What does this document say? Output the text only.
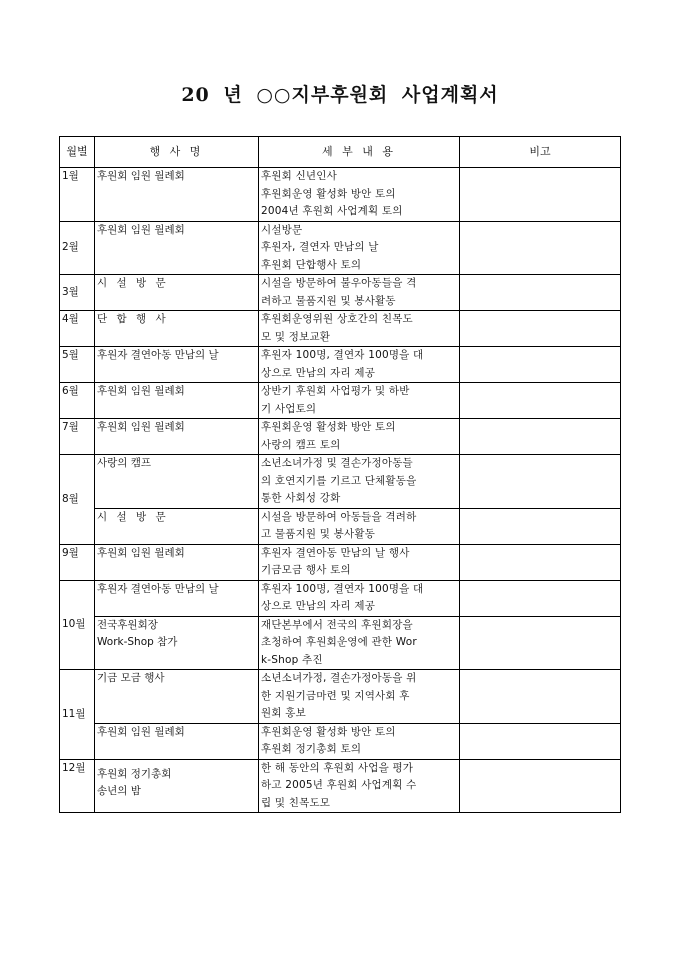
20 년 ○○지부후원회 사업계획서
월별	행 사 명	세 부 내 용	비고
1월	후원회 임원 월례회	후원회 신년인사
후원회운영 활성화 방안 토의
2004년 후원회 사업계획 토의	

2월	후원회 임원 월례회	시설방문
후원자, 결연자 만남의 날
후원회 단합행사 토의	

3월	시 설 방 문	시설을 방문하여 불우아동들을 격
려하고 물품지원 및 봉사활동	

4월	단 합 행 사	후원회운영위원 상호간의 친목도
모 및 정보교환	

5월	후원자 결연아동 만남의 날	후원자 100명, 결연자 100명을 대
상으로 만남의 자리 제공	

6월	후원회 임원 월례회	상반기 후원회 사업평가 및 하반
기 사업토의	

7월	후원회 임원 월례회	후원회운영 활성화 방안 토의
사랑의 캠프 토의	

8월	사랑의 캠프	소년소녀가정 및 결손가정아동들
의 호연지기를 기르고 단체활동을
통한 사회성 강화	

	시 설 방 문	시설을 방문하여 아동들을 격려하
고 물품지원 및 봉사활동	

9월	후원회 임원 월례회	후원자 결연아동 만남의 날 행사
기금모금 행사 토의	

10월	후원자 결연아동 만남의 날	후원자 100명, 결연자 100명을 대
상으로 만남의 자리 제공	

	전국후원회장
Work-Shop 참가	재단본부에서 전국의 후원회장을
초청하여 후원회운영에 관한 Wor
k-Shop 추진	

11월	기금 모금 행사	소년소녀가정, 결손가정아동을 위
한 지원기금마련 및 지역사회 후
원회 홍보	

	후원회 임원 월례회	후원회운영 활성화 방안 토의
후원회 정기총회 토의	

12월	후원회 정기총회
송년의 밤	한 해 동안의 후원회 사업을 평가
하고 2005년 후원회 사업계획 수
립 및 친목도모	
